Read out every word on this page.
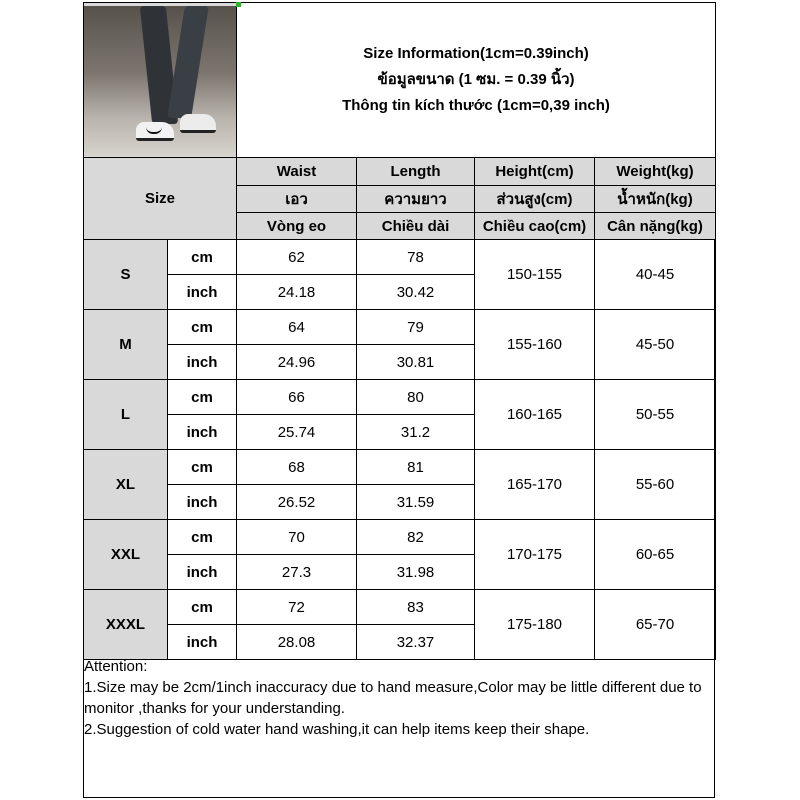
		Size Information(1cm=0.39inch)
ข้อมูลขนาด (1 ซม. = 0.39 นิ้ว)
Thông tin kích thước (1cm=0,39 inch)			

Size		Waist	Length	Height(cm)	Weight(kg)
		เอว	ความยาว	ส่วนสูง(cm)	น้ำหนัก(kg)
		Vòng eo	Chiều dài	Chiều cao(cm)	Cân nặng(kg)
S	cm	62	78	150-155	40-45
	inch	24.18	30.42		
M	cm	64	79	155-160	45-50
	inch	24.96	30.81		
L	cm	66	80	160-165	50-55
	inch	25.74	31.2		
XL	cm	68	81	165-170	55-60
	inch	26.52	31.59		
XXL	cm	70	82	170-175	60-65
	inch	27.3	31.98		
XXXL	cm	72	83	175-180	65-70
	inch	28.08	32.37		
Attention:
1.Size may be 2cm/1inch inaccuracy due to hand measure,Color may be little different due to monitor ,thanks for your understanding.
2.Suggestion of cold water hand washing,it can help items keep their shape.
